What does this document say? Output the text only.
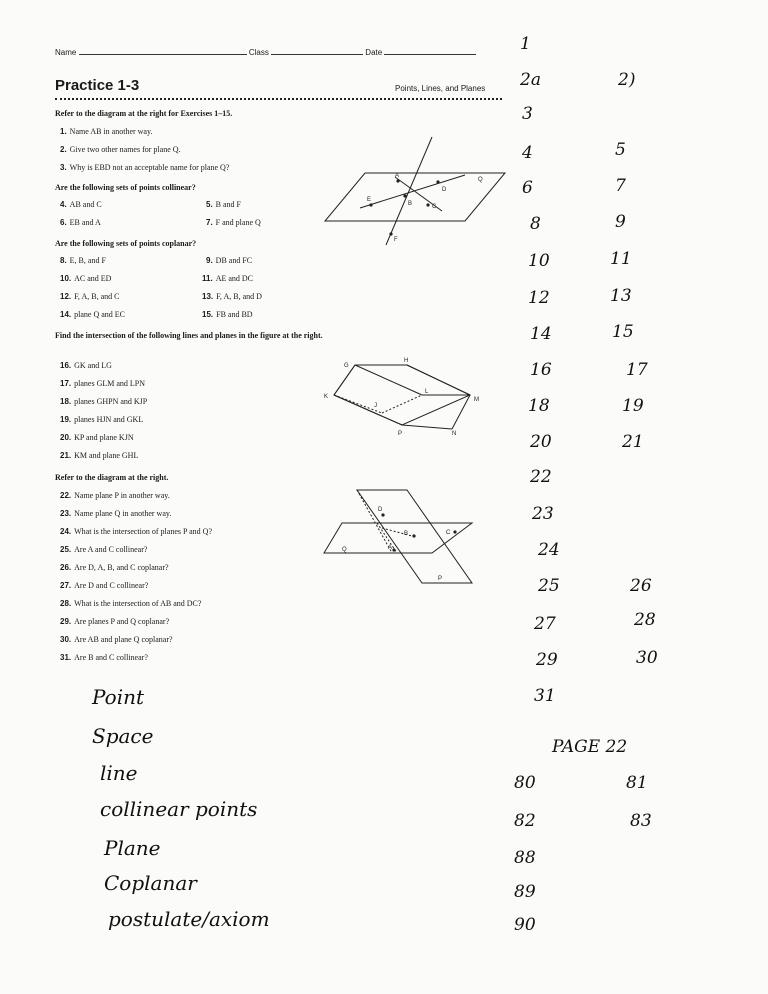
Name	Class	Date
Practice 1-3	Points, Lines, and Planes
Refer to the diagram at the right for Exercises 1–15.
1. Name AB in another way.
2. Give two other names for plane Q.
3. Why is EBD not an acceptable name for plane Q?
Are the following sets of points collinear?
4. AB and C	5. B and F
6. EB and A	7. F and plane Q
Are the following sets of points coplanar?
8. E, B, and F	9. DB and FC
10. AC and ED	11. AE and DC
12. F, A, B, and C	13. F, A, B, and D
14. plane Q and EC	15. FB and BD
Find the intersection of the following lines and planes in the figure at the right.
16. GK and LG
17. planes GLM and LPN
18. planes GHPN and KJP
19. planes HJN and GKL
20. KP and plane KJN
21. KM and plane GHL
Refer to the diagram at the right.
22. Name plane P in another way.
23. Name plane Q in another way.
24. What is the intersection of planes P and Q?
25. Are A and C collinear?
26. Are D, A, B, and C coplanar?
27. Are D and C collinear?
28. What is the intersection of AB and DC?
29. Are planes P and Q coplanar?
30. Are AB and plane Q coplanar?
31. Are B and C collinear?
A
B	C
D
E
F
Q
G
H
K
L
M
J
P	N
D
B	C
A
Q
P
1
2a	2)
3
4	5
6	7
8	9
10	11
12	13
14	15
16	17
18	19
20	21
22
23
24
25	26
27	28
29	30
31
PAGE 22
80	81
82	83
88
89
90
Point
Space
line
collinear points
Plane
Coplanar
postulate/axiom
